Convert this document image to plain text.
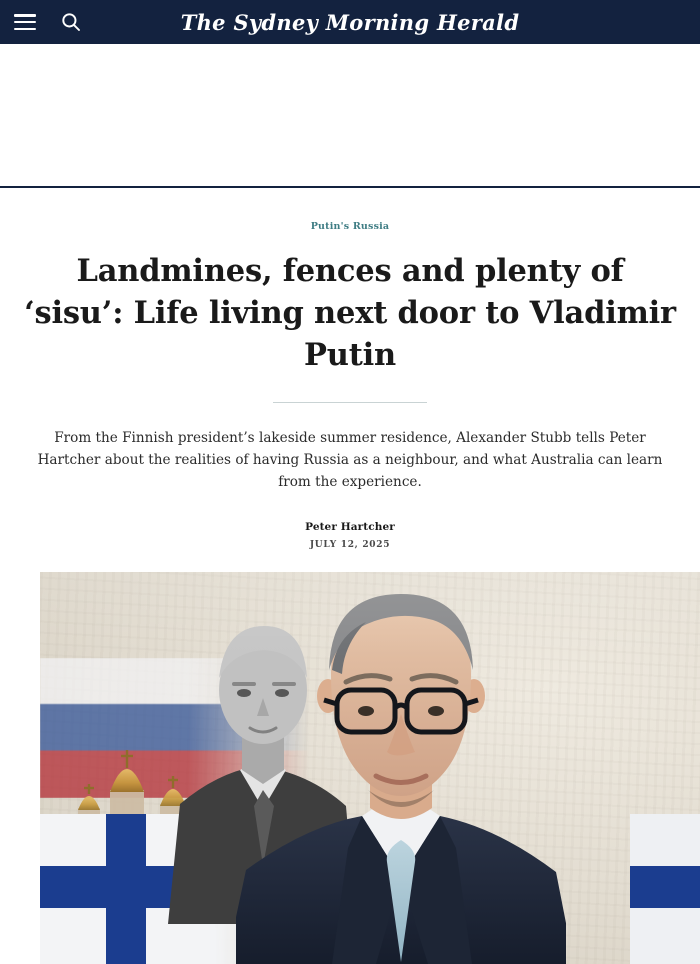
The Sydney Morning Herald
Putin's Russia
Landmines, fences and plenty of ‘sisu’: Life living next door to Vladimir Putin

From the Finnish president’s lakeside summer residence, Alexander Stubb tells Peter Hartcher about the realities of having Russia as a neighbour, and what Australia can learn from the experience.

Peter Hartcher
JULY 12, 2025
